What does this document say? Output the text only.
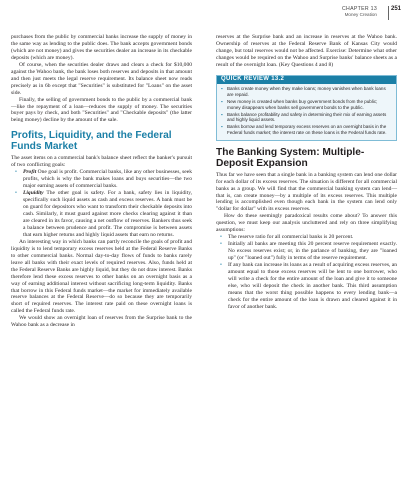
CHAPTER 13
Money Creation
251

purchases from the public by commercial banks increase the supply of money in the same way as lending to the public does. The bank accepts government bonds (which are not money) and gives the securities dealer an increase in its checkable deposits (which are money).

Of course, when the securities dealer draws and clears a check for $10,000 against the Wahoo bank, the bank loses both reserves and deposits in that amount and then just meets the legal reserve requirement. Its balance sheet now reads precisely as in 6b except that "Securities" is substituted for "Loans" on the asset side.

Finally, the selling of government bonds to the public by a commercial bank—like the repayment of a loan—reduces the supply of money. The securities buyer pays by check, and both "Securities" and "Checkable deposits" (the latter being money) decline by the amount of the sale.

Profits, Liquidity, and the Federal Funds Market

The asset items on a commercial bank's balance sheet reflect the banker's pursuit of two conflicting goals:

• Profit One goal is profit. Commercial banks, like any other businesses, seek profits, which is why the bank makes loans and buys securities—the two major earning assets of commercial banks.
• Liquidity The other goal is safety. For a bank, safety lies in liquidity, specifically such liquid assets as cash and excess reserves. A bank must be on guard for depositors who want to transform their checkable deposits into cash. Similarly, it must guard against more checks clearing against it than are cleared in its favor, causing a net outflow of reserves. Bankers thus seek a balance between prudence and profit. The compromise is between assets that earn higher returns and highly liquid assets that earn no returns.

An interesting way in which banks can partly reconcile the goals of profit and liquidity is to lend temporary excess reserves held at the Federal Reserve Banks to other commercial banks. Normal day-to-day flows of funds to banks rarely leave all banks with their exact levels of required reserves. Also, funds held at the Federal Reserve Banks are highly liquid, but they do not draw interest. Banks therefore lend these excess reserves to other banks on an overnight basis as a way of earning additional interest without sacrificing long-term liquidity. Banks that borrow in this Federal funds market—the market for immediately available reserve balances at the Federal Reserve—do so because they are temporarily short of required reserves. The interest rate paid on these overnight loans is called the Federal funds rate.

We would show an overnight loan of reserves from the Surprise bank to the Wahoo bank as a decrease in

reserves at the Surprise bank and an increase in reserves at the Wahoo bank. Ownership of reserves at the Federal Reserve Bank of Kansas City would change, but total reserves would not be affected. Exercise: Determine what other changes would be required on the Wahoo and Surprise banks' balance sheets as a result of the overnight loan. (Key Questions 4 and 8)

QUICK REVIEW 13.2
▪ Banks create money when they make loans; money vanishes when bank loans are repaid.
▪ New money is created when banks buy government bonds from the public; money disappears when banks sell government bonds to the public.
▪ Banks balance profitability and safety in determining their mix of earning assets and highly liquid assets.
▪ Banks borrow and lend temporary excess reserves on an overnight basis in the Federal funds market; the interest rate on these loans is the Federal funds rate.
The Banking System: Multiple-Deposit Expansion

Thus far we have seen that a single bank in a banking system can lend one dollar for each dollar of its excess reserves. The situation is different for all commercial banks as a group. We will find that the commercial banking system can lend—that is, can create money—by a multiple of its excess reserves. This multiple lending is accomplished even though each bank in the system can lend only "dollar for dollar" with its excess reserves.

How do these seemingly paradoxical results come about? To answer this question, we must keep our analysis uncluttered and rely on three simplifying assumptions:

• The reserve ratio for all commercial banks is 20 percent.
• Initially all banks are meeting this 20 percent reserve requirement exactly. No excess reserves exist; or, in the parlance of banking, they are "loaned up" (or "loaned out") fully in terms of the reserve requirement.
• If any bank can increase its loans as a result of acquiring excess reserves, an amount equal to those excess reserves will be lent to one borrower, who will write a check for the entire amount of the loan and give it to someone else, who will deposit the check in another bank. This third assumption means that the worst thing possible happens to every lending bank—a check for the entire amount of the loan is drawn and cleared against it in favor of another bank.
